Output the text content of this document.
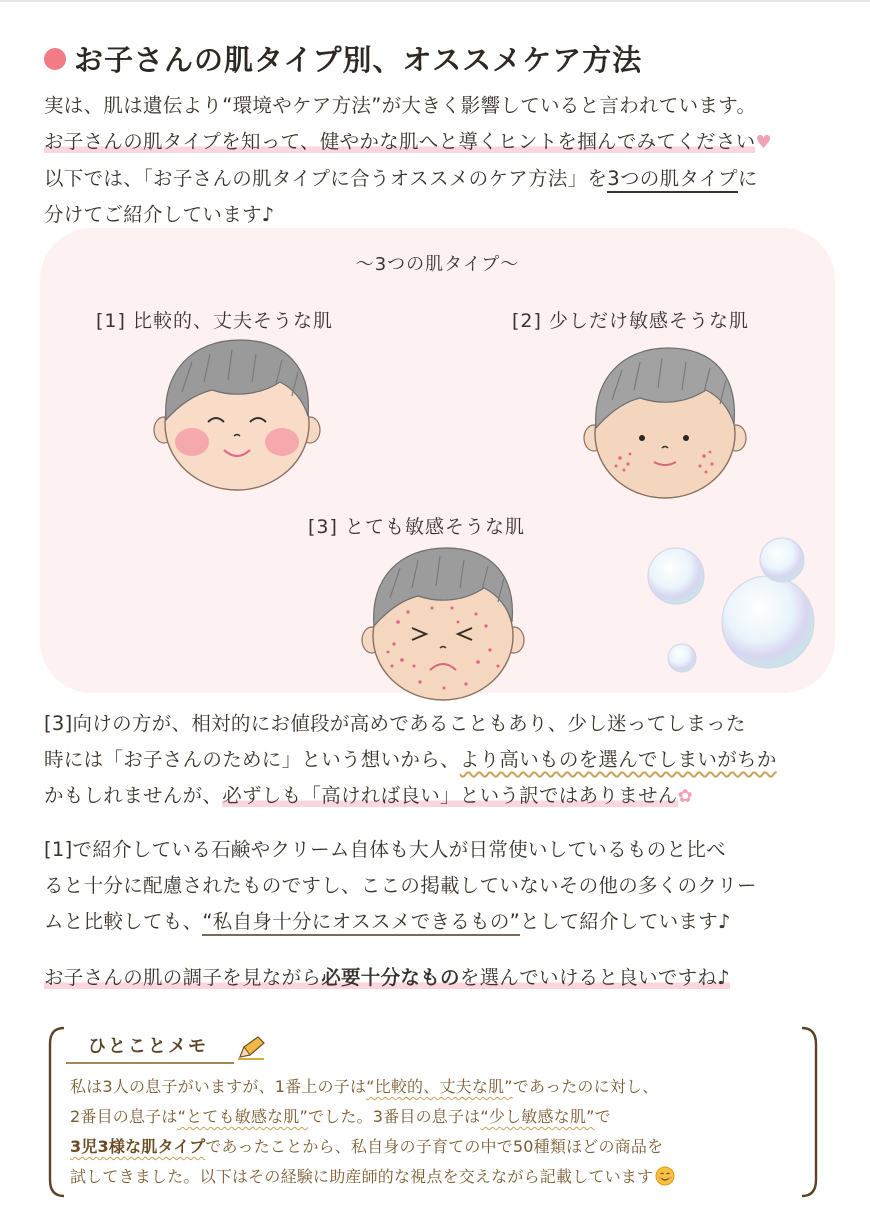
お子さんの肌タイプ別、オススメケア方法

実は、肌は遺伝より“環境やケア方法”が大きく影響していると言われています。

お子さんの肌タイプを知って、健やかな肌へと導くヒントを掴んでみてください♥

以下では、「お子さんの肌タイプに合うオススメのケア方法」を3つの肌タイプに

分けてご紹介しています♪

～3つの肌タイプ～
[1] 比較的、丈夫そうな肌	[2] 少しだけ敏感そうな肌
[3] とても敏感そうな肌

[3]向けの方が、相対的にお値段が高めであることもあり、少し迷ってしまった

時には「お子さんのために」という想いから、より高いものを選んでしまいがちか

かもしれませんが、必ずしも「高ければ良い」という訳ではありません✿

[1]で紹介している石鹸やクリーム自体も大人が日常使いしているものと比べ

ると十分に配慮されたものですし、ここの掲載していないその他の多くのクリー

ムと比較しても、“私自身十分にオススメできるもの”として紹介しています♪

お子さんの肌の調子を見ながら必要十分なものを選んでいけると良いですね♪

ひとことメモ

私は3人の息子がいますが、1番上の子は“比較的、丈夫な肌”であったのに対し、

2番目の息子は“とても敏感な肌”でした。3番目の息子は“少し敏感な肌”で

3児3様な肌タイプであったことから、私自身の子育ての中で50種類ほどの商品を

試してきました。以下はその経験に助産師的な視点を交えながら記載しています
